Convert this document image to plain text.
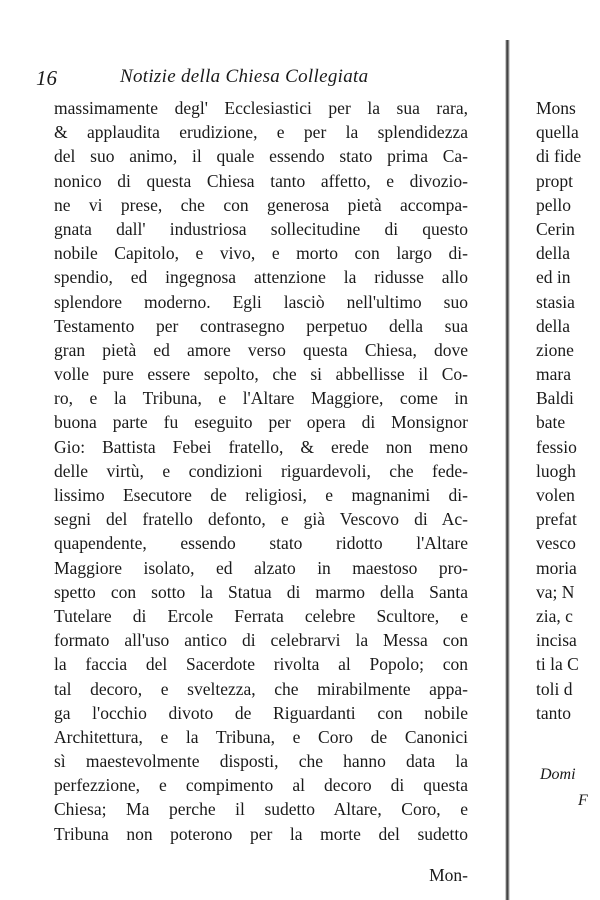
16	Notizie della Chiesa Collegiata
massimamente degl' Ecclesiastici per la sua rara,
& applaudita erudizione, e per la splendidezza
del suo animo, il quale essendo stato prima Ca-
nonico di questa Chiesa tanto affetto, e divozio-
ne vi prese, che con generosa pietà accompa-
gnata dall' industriosa sollecitudine di questo
nobile Capitolo, e vivo, e morto con largo di-
spendio, ed ingegnosa attenzione la ridusse allo
splendore moderno. Egli lasciò nell'ultimo suo
Testamento per contrasegno perpetuo della sua
gran pietà ed amore verso questa Chiesa, dove
volle pure essere sepolto, che si abbellisse il Co-
ro, e la Tribuna, e l'Altare Maggiore, come in
buona parte fu eseguito per opera di Monsignor
Gio: Battista Febei fratello, & erede non meno
delle virtù, e condizioni riguardevoli, che fede-
lissimo Esecutore de religiosi, e magnanimi di-
segni del fratello defonto, e già Vescovo di Ac-
quapendente, essendo stato ridotto l'Altare
Maggiore isolato, ed alzato in maestoso pro-
spetto con sotto la Statua di marmo della Santa
Tutelare di Ercole Ferrata celebre Scultore, e
formato all'uso antico di celebrarvi la Messa con
la faccia del Sacerdote rivolta al Popolo; con
tal decoro, e sveltezza, che mirabilmente appa-
ga l'occhio divoto de Riguardanti con nobile
Architettura, e la Tribuna, e Coro de Canonici
sì maestevolmente disposti, che hanno data la
perfezzione, e compimento al decoro di questa
Chiesa; Ma perche il sudetto Altare, Coro, e
Tribuna non poterono per la morte del sudetto
Mon-
Mons
quella
di fide
propt
pello
Cerin
della
ed in
stasia
della
zione
mara
Baldi
bate
fessio
luogh
volen
prefat
vesco
moria
va; N
zia, c
incisa
ti la C
toli d
tanto
Domi
F
